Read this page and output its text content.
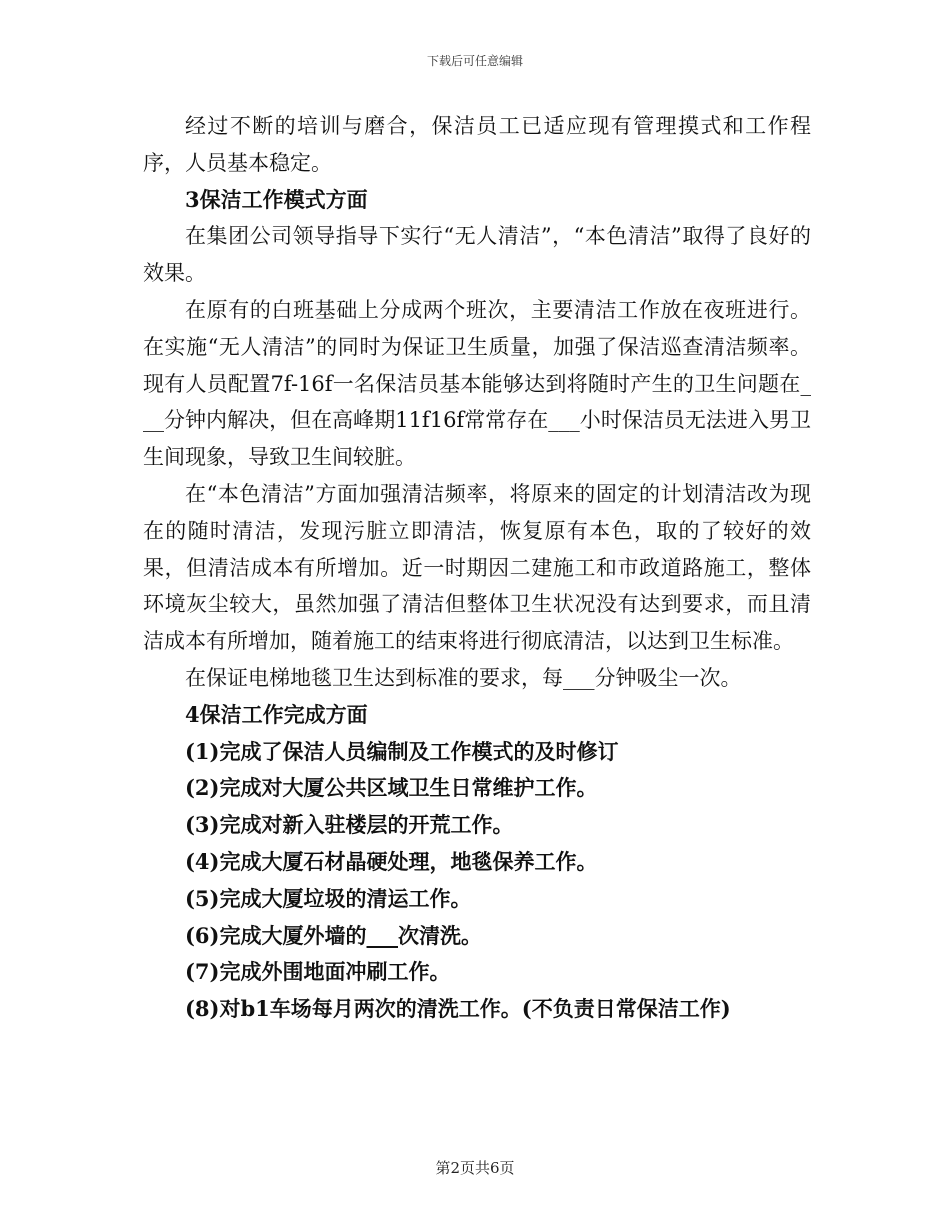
下载后可任意编辑

经过不断的培训与磨合，保洁员工已适应现有管理摸式和工作程序，人员基本稳定。

3保洁工作模式方面

在集团公司领导指导下实行“无人清洁”，“本色清洁”取得了良好的效果。

在原有的白班基础上分成两个班次，主要清洁工作放在夜班进行。在实施“无人清洁”的同时为保证卫生质量，加强了保洁巡查清洁频率。现有人员配置7f-16f一名保洁员基本能够达到将随时产生的卫生问题在___分钟内解决，但在高峰期11f16f常常存在___小时保洁员无法进入男卫生间现象，导致卫生间较脏。

在“本色清洁”方面加强清洁频率，将原来的固定的计划清洁改为现在的随时清洁，发现污脏立即清洁，恢复原有本色，取的了较好的效果，但清洁成本有所增加。近一时期因二建施工和市政道路施工，整体环境灰尘较大，虽然加强了清洁但整体卫生状况没有达到要求，而且清洁成本有所增加，随着施工的结束将进行彻底清洁，以达到卫生标准。

在保证电梯地毯卫生达到标准的要求，每___分钟吸尘一次。

4保洁工作完成方面

(1)完成了保洁人员编制及工作模式的及时修订

(2)完成对大厦公共区域卫生日常维护工作。

(3)完成对新入驻楼层的开荒工作。

(4)完成大厦石材晶硬处理，地毯保养工作。

(5)完成大厦垃圾的清运工作。

(6)完成大厦外墙的___次清洗。

(7)完成外围地面冲刷工作。

(8)对b1车场每月两次的清洗工作。(不负责日常保洁工作)

第2页共6页
